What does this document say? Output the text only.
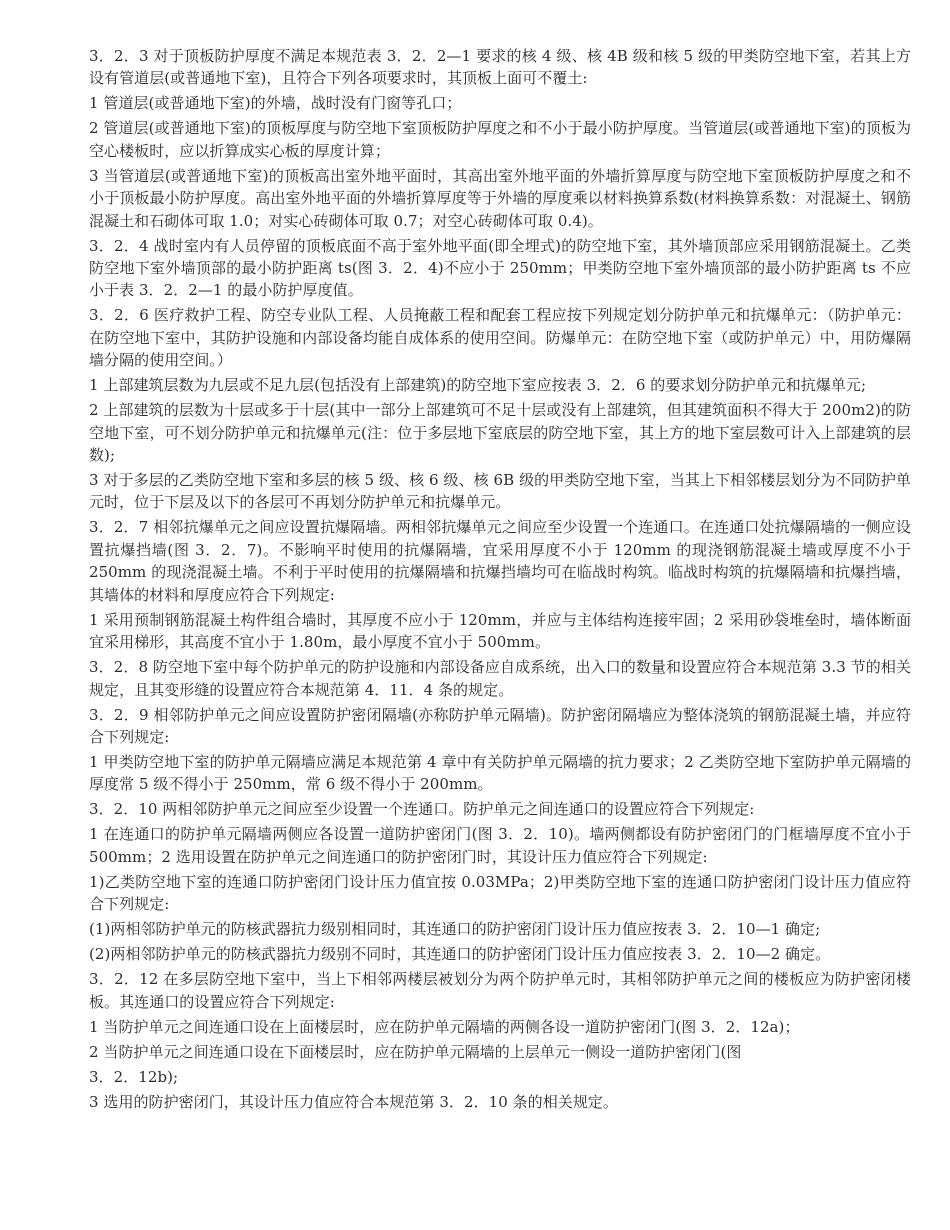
3．2．3 对于顶板防护厚度不满足本规范表 3．2．2—1 要求的核 4 级、核 4B 级和核 5 级的甲类防空地下室，若其上方设有管道层(或普通地下室)，且符合下列各项要求时，其顶板上面可不覆土:

1 管道层(或普通地下室)的外墙，战时没有门窗等孔口；

2 管道层(或普通地下室)的顶板厚度与防空地下室顶板防护厚度之和不小于最小防护厚度。当管道层(或普通地下室)的顶板为空心楼板时，应以折算成实心板的厚度计算；

3 当管道层(或普通地下室)的顶板高出室外地平面时，其高出室外地平面的外墙折算厚度与防空地下室顶板防护厚度之和不小于顶板最小防护厚度。高出室外地平面的外墙折算厚度等于外墙的厚度乘以材料换算系数(材料换算系数：对混凝土、钢筋混凝土和石砌体可取 1.0；对实心砖砌体可取 0.7；对空心砖砌体可取 0.4)。

3．2．4 战时室内有人员停留的顶板底面不高于室外地平面(即全埋式)的防空地下室，其外墙顶部应采用钢筋混凝土。乙类防空地下室外墙顶部的最小防护距离 ts(图 3．2．4)不应小于 250mm；甲类防空地下室外墙顶部的最小防护距离 ts 不应小于表 3．2．2—1 的最小防护厚度值。

3．2．6 医疗救护工程、防空专业队工程、人员掩蔽工程和配套工程应按下列规定划分防护单元和抗爆单元：（防护单元：在防空地下室中，其防护设施和内部设备均能自成体系的使用空间。防爆单元：在防空地下室（或防护单元）中，用防爆隔墙分隔的使用空间。）

1 上部建筑层数为九层或不足九层(包括没有上部建筑)的防空地下室应按表 3．2．6 的要求划分防护单元和抗爆单元;

2 上部建筑的层数为十层或多于十层(其中一部分上部建筑可不足十层或没有上部建筑，但其建筑面积不得大于 200m2)的防空地下室，可不划分防护单元和抗爆单元(注：位于多层地下室底层的防空地下室，其上方的地下室层数可计入上部建筑的层数);

3 对于多层的乙类防空地下室和多层的核 5 级、核 6 级、核 6B 级的甲类防空地下室，当其上下相邻楼层划分为不同防护单元时，位于下层及以下的各层可不再划分防护单元和抗爆单元。

3．2．7 相邻抗爆单元之间应设置抗爆隔墙。两相邻抗爆单元之间应至少设置一个连通口。在连通口处抗爆隔墙的一侧应设置抗爆挡墙(图 3．2．7)。不影响平时使用的抗爆隔墙，宜采用厚度不小于 120mm 的现浇钢筋混凝土墙或厚度不小于 250mm 的现浇混凝土墙。不利于平时使用的抗爆隔墙和抗爆挡墙均可在临战时构筑。临战时构筑的抗爆隔墙和抗爆挡墙，其墙体的材料和厚度应符合下列规定:

1 采用预制钢筋混凝土构件组合墙时，其厚度不应小于 120mm，并应与主体结构连接牢固；2 采用砂袋堆垒时，墙体断面宜采用梯形，其高度不宜小于 1.80m，最小厚度不宜小于 500mm。

3．2．8 防空地下室中每个防护单元的防护设施和内部设备应自成系统，出入口的数量和设置应符合本规范第 3.3 节的相关规定，且其变形缝的设置应符合本规范第 4．11．4 条的规定。

3．2．9 相邻防护单元之间应设置防护密闭隔墙(亦称防护单元隔墙)。防护密闭隔墙应为整体浇筑的钢筋混凝土墙，并应符合下列规定:

1 甲类防空地下室的防护单元隔墙应满足本规范第 4 章中有关防护单元隔墙的抗力要求；2 乙类防空地下室防护单元隔墙的厚度常 5 级不得小于 250mm，常 6 级不得小于 200mm。

3．2．10 两相邻防护单元之间应至少设置一个连通口。防护单元之间连通口的设置应符合下列规定:

1 在连通口的防护单元隔墙两侧应各设置一道防护密闭门(图 3．2．10)。墙两侧都设有防护密闭门的门框墙厚度不宜小于 500mm；2 选用设置在防护单元之间连通口的防护密闭门时，其设计压力值应符合下列规定:

1)乙类防空地下室的连通口防护密闭门设计压力值宜按 0.03MPa；2)甲类防空地下室的连通口防护密闭门设计压力值应符合下列规定:

(1)两相邻防护单元的防核武器抗力级别相同时，其连通口的防护密闭门设计压力值应按表 3．2．10—1 确定;

(2)两相邻防护单元的防核武器抗力级别不同时，其连通口的防护密闭门设计压力值应按表 3．2．10—2 确定。

3．2．12 在多层防空地下室中，当上下相邻两楼层被划分为两个防护单元时，其相邻防护单元之间的楼板应为防护密闭楼板。其连通口的设置应符合下列规定:

1 当防护单元之间连通口设在上面楼层时，应在防护单元隔墙的两侧各设一道防护密闭门(图 3．2．12a)；

2 当防护单元之间连通口设在下面楼层时，应在防护单元隔墙的上层单元一侧设一道防护密闭门(图

3．2．12b);

3 选用的防护密闭门，其设计压力值应符合本规范第 3．2．10 条的相关规定。
